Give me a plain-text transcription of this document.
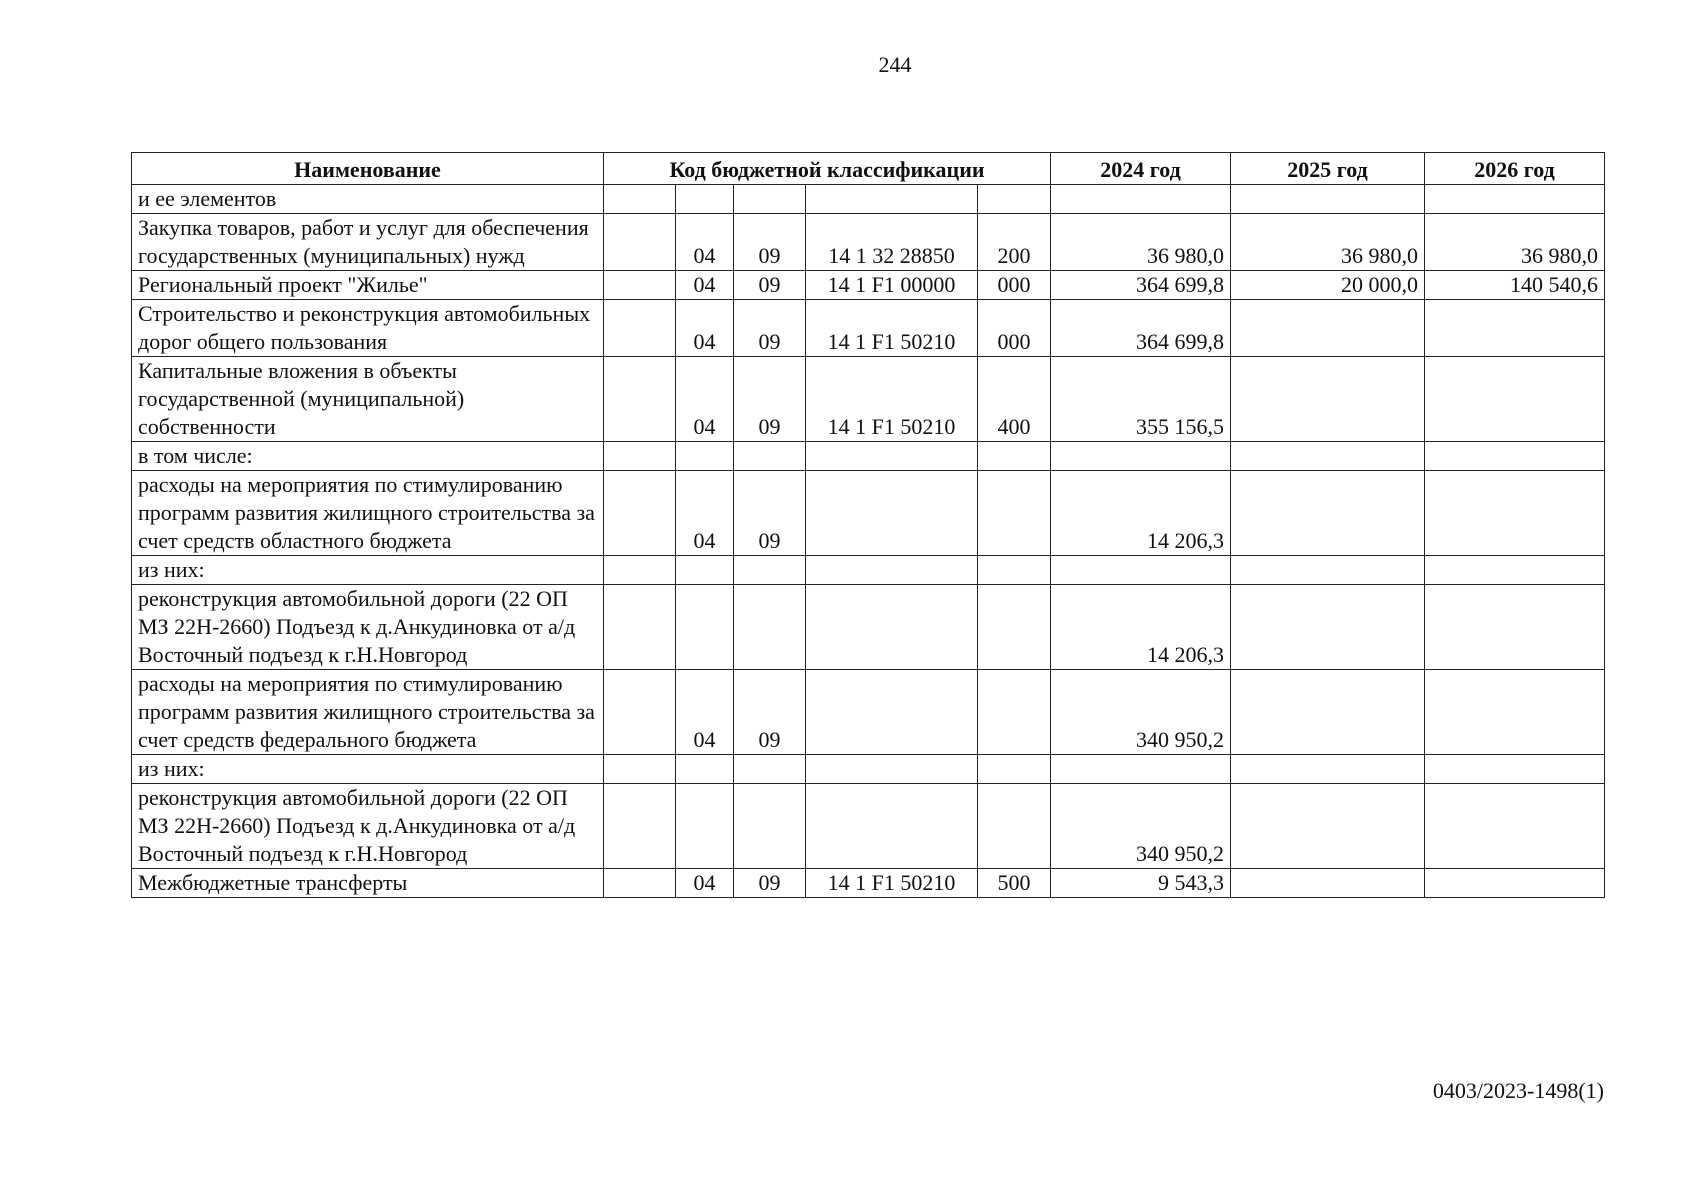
244
Наименование	Код бюджетной классификации					2024 год	2025 год	2026 год
и ее элементов								
Закупка товаров, работ и услуг для обеспечения государственных (муниципальных) нужд		04	09	14 1 32 28850	200	36 980,0	36 980,0	36 980,0
Региональный проект "Жилье"		04	09	14 1 F1 00000	000	364 699,8	20 000,0	140 540,6
Строительство и реконструкция автомобильных дорог общего пользования		04	09	14 1 F1 50210	000	364 699,8		
Капитальные вложения в объекты государственной (муниципальной) собственности		04	09	14 1 F1 50210	400	355 156,5		
в том числе:								
расходы на мероприятия по стимулированию программ развития жилищного строительства за счет средств областного бюджета		04	09			14 206,3		
из них:								
реконструкция автомобильной дороги (22 ОП МЗ 22Н-2660) Подъезд к д.Анкудиновка от а/д Восточный подъезд к г.Н.Новгород						14 206,3		
расходы на мероприятия по стимулированию программ развития жилищного строительства за счет средств федерального бюджета		04	09			340 950,2		
из них:								
реконструкция автомобильной дороги (22 ОП МЗ 22Н-2660) Подъезд к д.Анкудиновка от а/д Восточный подъезд к г.Н.Новгород						340 950,2		
Межбюджетные трансферты		04	09	14 1 F1 50210	500	9 543,3		
0403/2023-1498(1)
